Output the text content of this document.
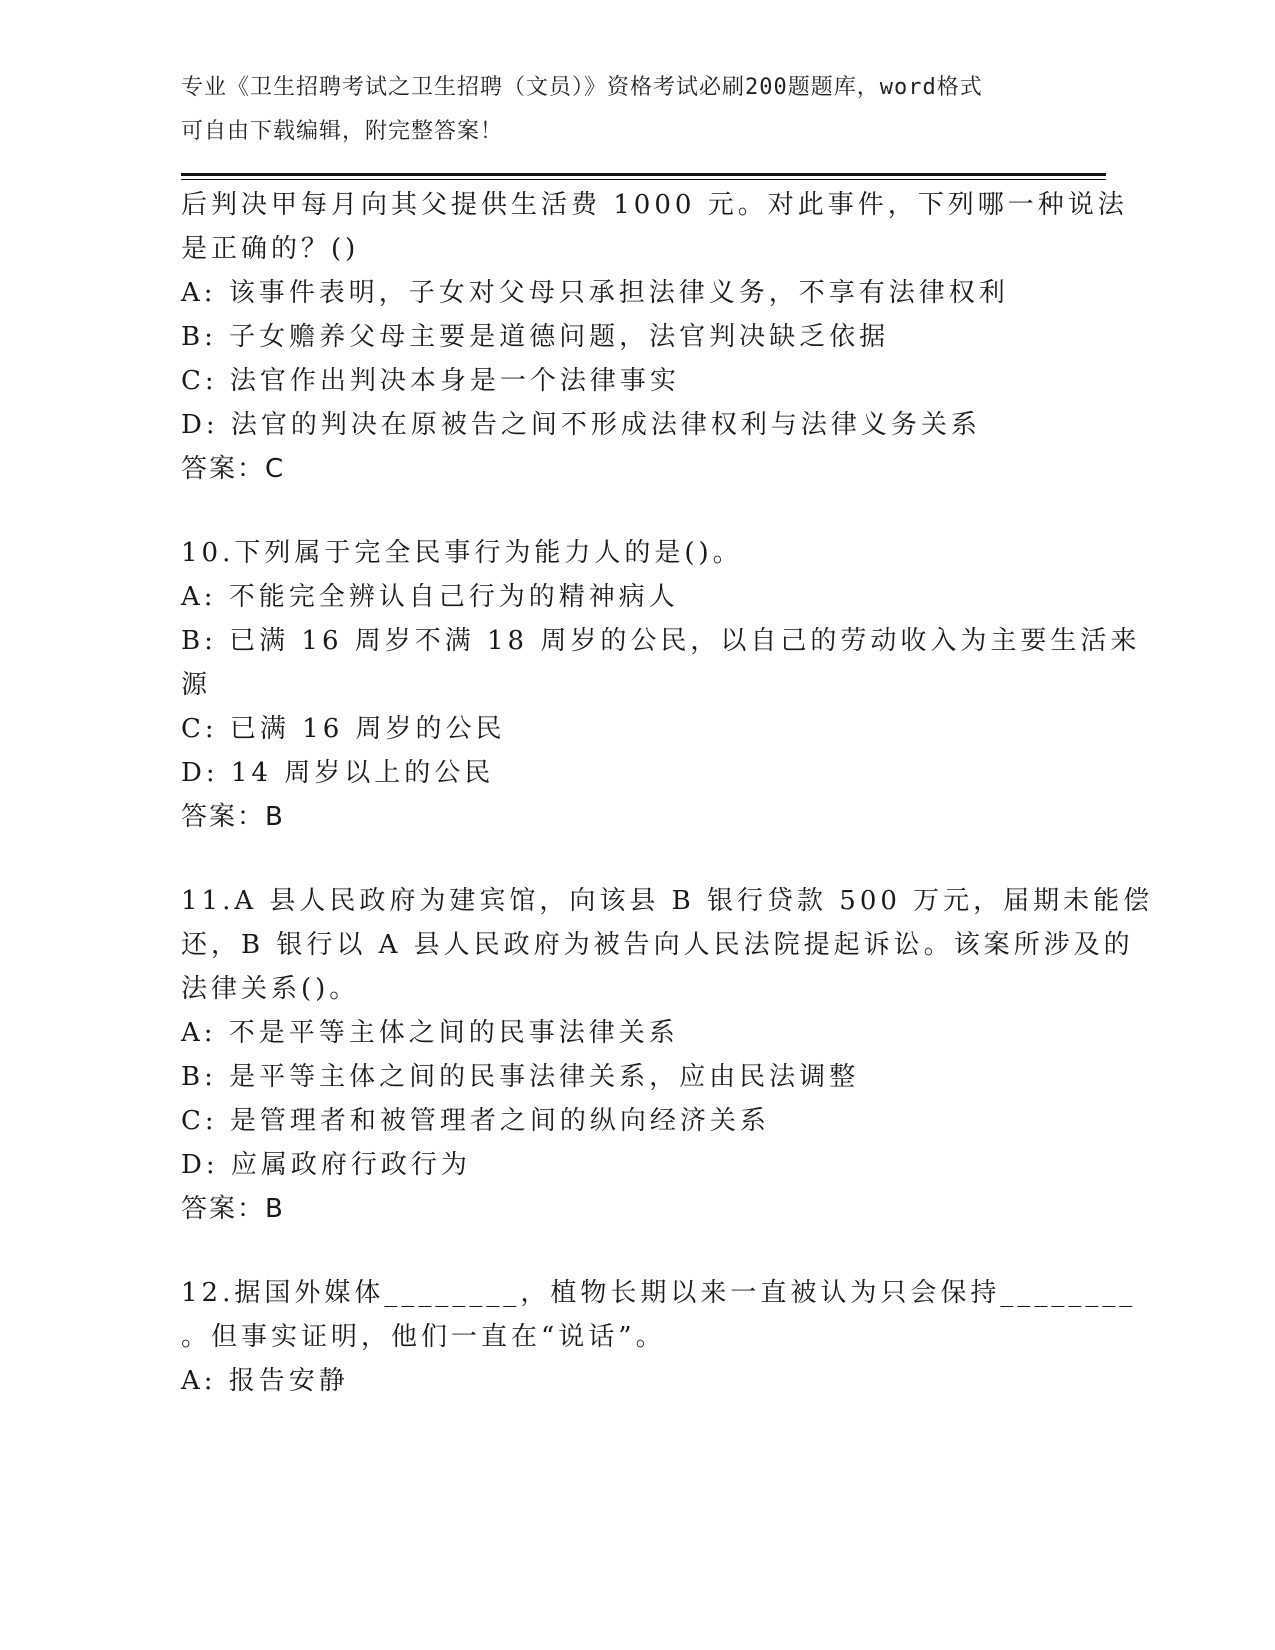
专业《卫生招聘考试之卫生招聘（文员）》资格考试必刷200题题库，word格式
可自由下载编辑，附完整答案！
后判决甲每月向其父提供生活费 1000 元。对此事件，下列哪一种说法
是正确的？()
A: 该事件表明，子女对父母只承担法律义务，不享有法律权利
B: 子女赡养父母主要是道德问题，法官判决缺乏依据
C: 法官作出判决本身是一个法律事实
D: 法官的判决在原被告之间不形成法律权利与法律义务关系
答案：C
10.下列属于完全民事行为能力人的是()。
A: 不能完全辨认自己行为的精神病人
B: 已满 16 周岁不满 18 周岁的公民，以自己的劳动收入为主要生活来
源
C: 已满 16 周岁的公民
D: 14 周岁以上的公民
答案：B
11.A 县人民政府为建宾馆，向该县 B 银行贷款 500 万元，届期未能偿
还，B 银行以 A 县人民政府为被告向人民法院提起诉讼。该案所涉及的
法律关系()。
A: 不是平等主体之间的民事法律关系
B: 是平等主体之间的民事法律关系，应由民法调整
C: 是管理者和被管理者之间的纵向经济关系
D: 应属政府行政行为
答案：B
12.据国外媒体________，植物长期以来一直被认为只会保持________
。但事实证明，他们一直在“说话”。
A: 报告安静
